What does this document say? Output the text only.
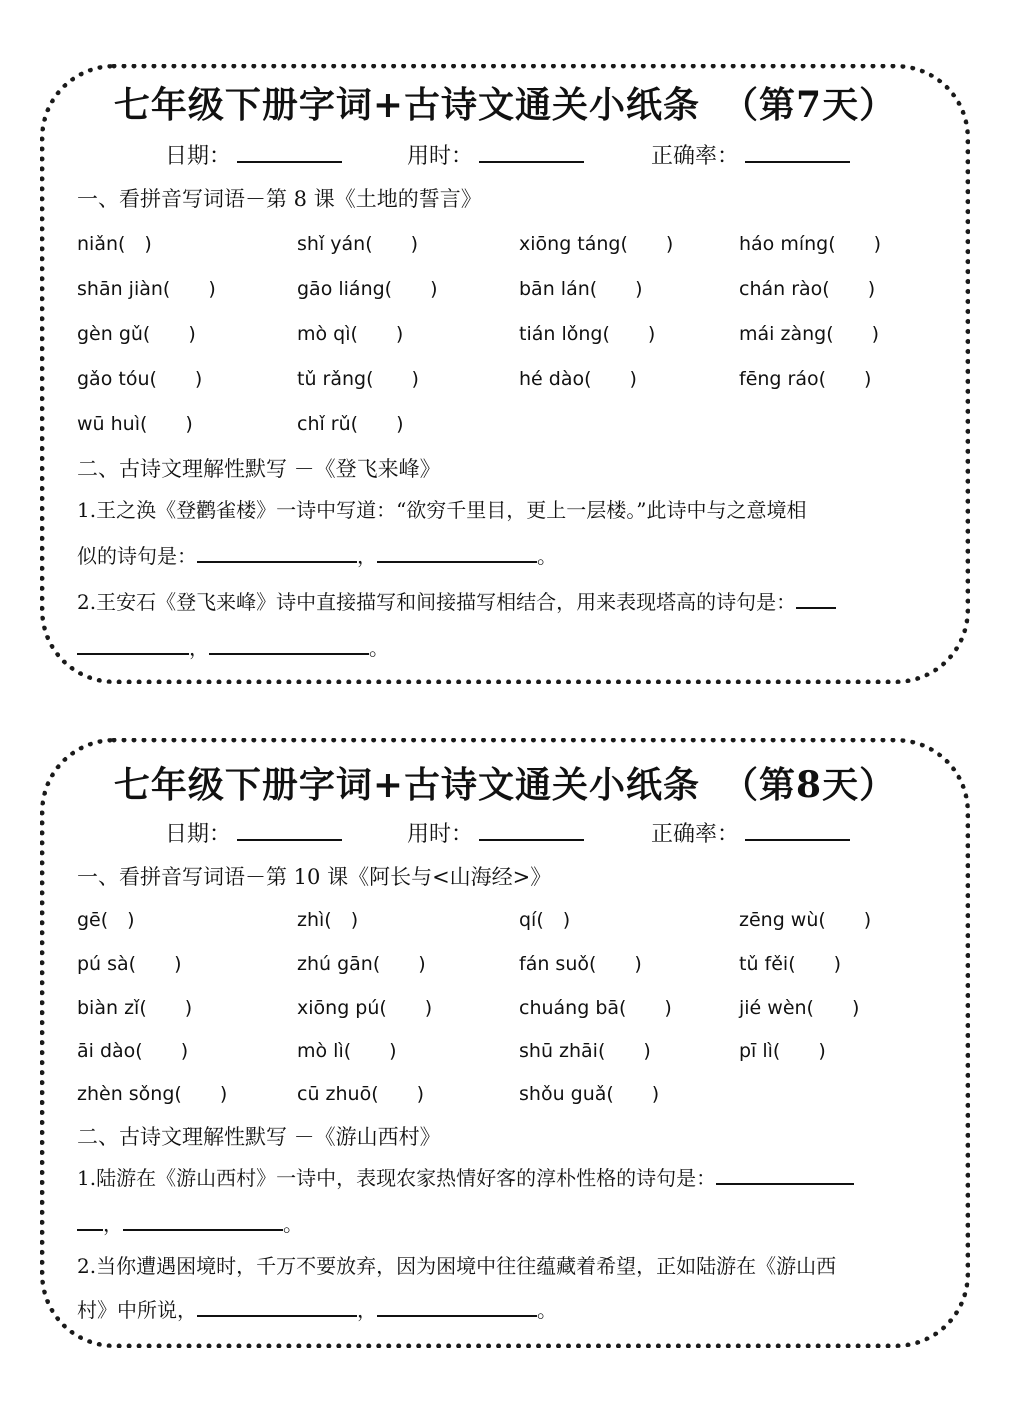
七年级下册字词+古诗文通关小纸条 （第7天）
日期：	用时：	正确率：
一、看拼音写词语－第 8 课《土地的誓言》
niǎn(　)	shǐ yán(　　)	xiōng táng(　　)	háo míng(　　)
shān jiàn(　　)	gāo liáng(　　)	bān lán(　　)	chán rào(　　)
gèn gǔ(　　)	mò qì(　　)	tián lǒng(　　)	mái zàng(　　)
gǎo tóu(　　)	tǔ rǎng(　　)	hé dào(　　)	fēng ráo(　　)
wū huì(　　)	chǐ rǔ(　　)
二、古诗文理解性默写 －《登飞来峰》
1.王之涣《登鹳雀楼》一诗中写道：“欲穷千里目，更上一层楼。”此诗中与之意境相
似的诗句是：	，	。
2.王安石《登飞来峰》诗中直接描写和间接描写相结合，用来表现塔高的诗句是：
，	。
七年级下册字词+古诗文通关小纸条 （第8天）
日期：	用时：	正确率：
一、看拼音写词语－第 10 课《阿长与<山海经>》
gē(　)	zhì(　)	qí(　)	zēng wù(　　)
pú sà(　　)	zhú gān(　　)	fán suǒ(　　)	tǔ fěi(　　)
biàn zǐ(　　)	xiōng pú(　　)	chuáng bā(　　)	jié wèn(　　)
āi dào(　　)	mò lì(　　)	shū zhāi(　　)	pī lì(　　)
zhèn sǒng(　　)	cū zhuō(　　)	shǒu guǎ(　　)
二、古诗文理解性默写 －《游山西村》
1.陆游在《游山西村》一诗中，表现农家热情好客的淳朴性格的诗句是：
，	。
2.当你遭遇困境时，千万不要放弃，因为困境中往往蕴藏着希望，正如陆游在《游山西
村》中所说，	，	。
